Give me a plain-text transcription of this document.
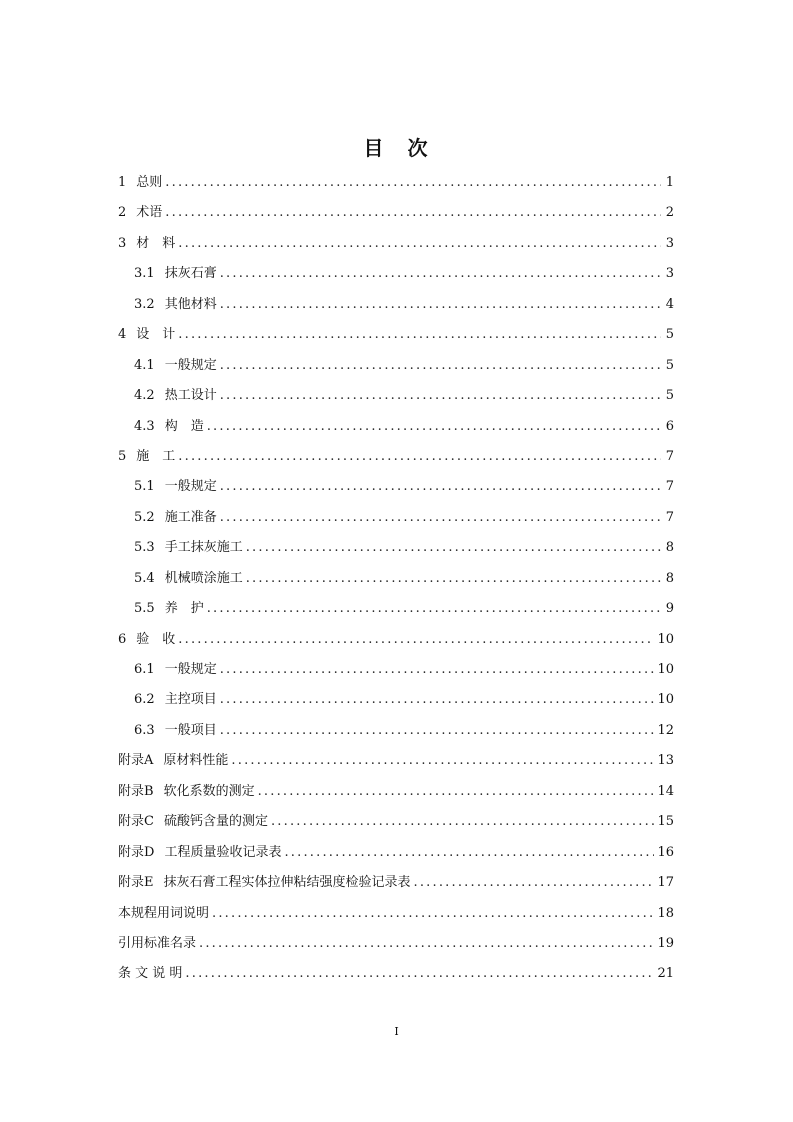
目　次
1 总则 .....	1
2 术语 .....	2
3 材　料 .....	3
3.1 抹灰石膏 .....	3
3.2 其他材料 .....	4
4 设　计 .....	5
4.1 一般规定 .....	5
4.2 热工设计 .....	5
4.3 构　造 .....	6
5 施　工 .....	7
5.1 一般规定 .....	7
5.2 施工准备 .....	7
5.3 手工抹灰施工 .....	8
5.4 机械喷涂施工 .....	8
5.5 养　护 .....	9
6 验　收 .....	10
6.1 一般规定 .....	10
6.2 主控项目 .....	10
6.3 一般项目 .....	12
附录A 原材料性能 .....	13
附录B 软化系数的测定 .....	14
附录C 硫酸钙含量的测定 .....	15
附录D 工程质量验收记录表 .....	16
附录E 抹灰石膏工程实体拉伸粘结强度检验记录表 .....	17
本规程用词说明 .....	18
引用标准名录 .....	19
条 文 说 明 .....	21
I
